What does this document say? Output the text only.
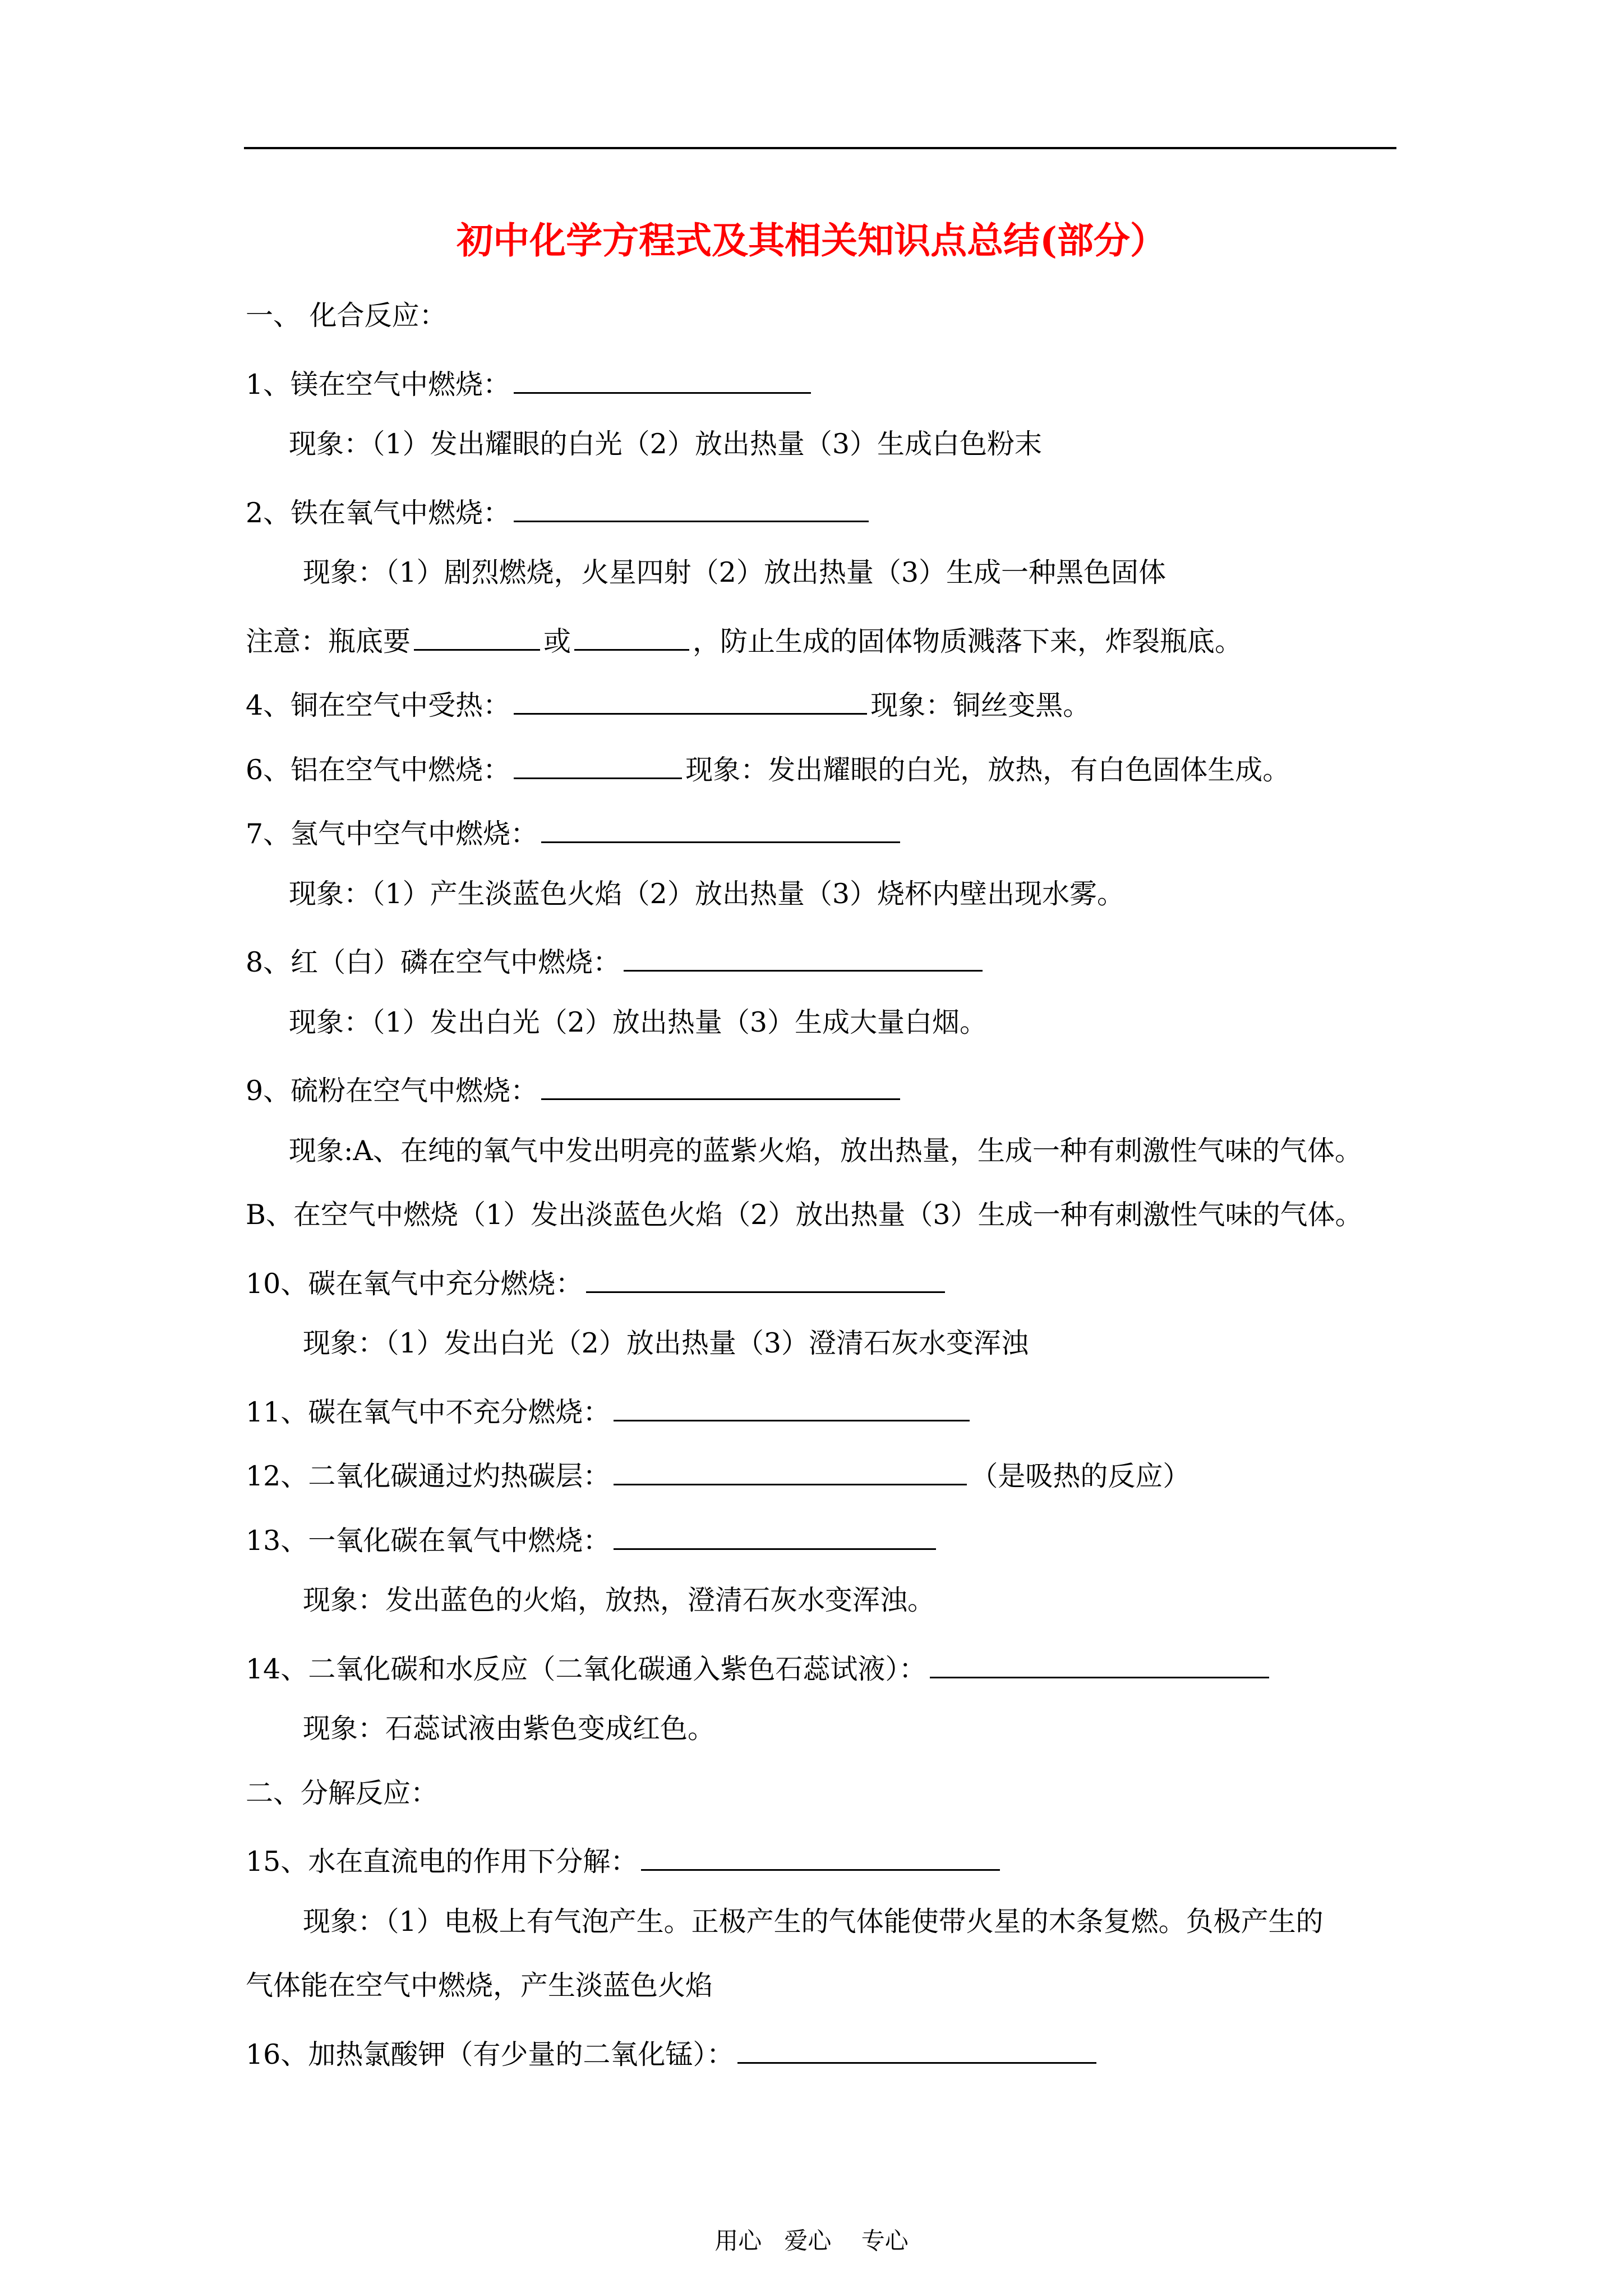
初中化学方程式及其相关知识点总结(部分）
一、 化合反应：
1、镁在空气中燃烧：
现象：（1）发出耀眼的白光（2）放出热量（3）生成白色粉末
2、铁在氧气中燃烧：
现象：（1）剧烈燃烧，火星四射（2）放出热量（3）生成一种黑色固体
注意：瓶底要	或	，防止生成的固体物质溅落下来，炸裂瓶底。
4、铜在空气中受热：	现象：铜丝变黑。
6、铝在空气中燃烧：	现象：发出耀眼的白光，放热，有白色固体生成。
7、氢气中空气中燃烧：
现象：（1）产生淡蓝色火焰（2）放出热量（3）烧杯内壁出现水雾。
8、红（白）磷在空气中燃烧：
现象：（1）发出白光（2）放出热量（3）生成大量白烟。
9、硫粉在空气中燃烧：
现象:A、在纯的氧气中发出明亮的蓝紫火焰，放出热量，生成一种有刺激性气味的气体。
B、在空气中燃烧（1）发出淡蓝色火焰（2）放出热量（3）生成一种有刺激性气味的气体。
10、碳在氧气中充分燃烧：
现象：（1）发出白光（2）放出热量（3）澄清石灰水变浑浊
11、碳在氧气中不充分燃烧：
12、二氧化碳通过灼热碳层：	（是吸热的反应）
13、一氧化碳在氧气中燃烧：
现象：发出蓝色的火焰，放热，澄清石灰水变浑浊。
14、二氧化碳和水反应（二氧化碳通入紫色石蕊试液）：
现象：石蕊试液由紫色变成红色。
二、分解反应：
15、水在直流电的作用下分解：
现象：（1）电极上有气泡产生。正极产生的气体能使带火星的木条复燃。负极产生的
气体能在空气中燃烧，产生淡蓝色火焰
16、加热氯酸钾（有少量的二氧化锰）：
用心   爱心    专心
